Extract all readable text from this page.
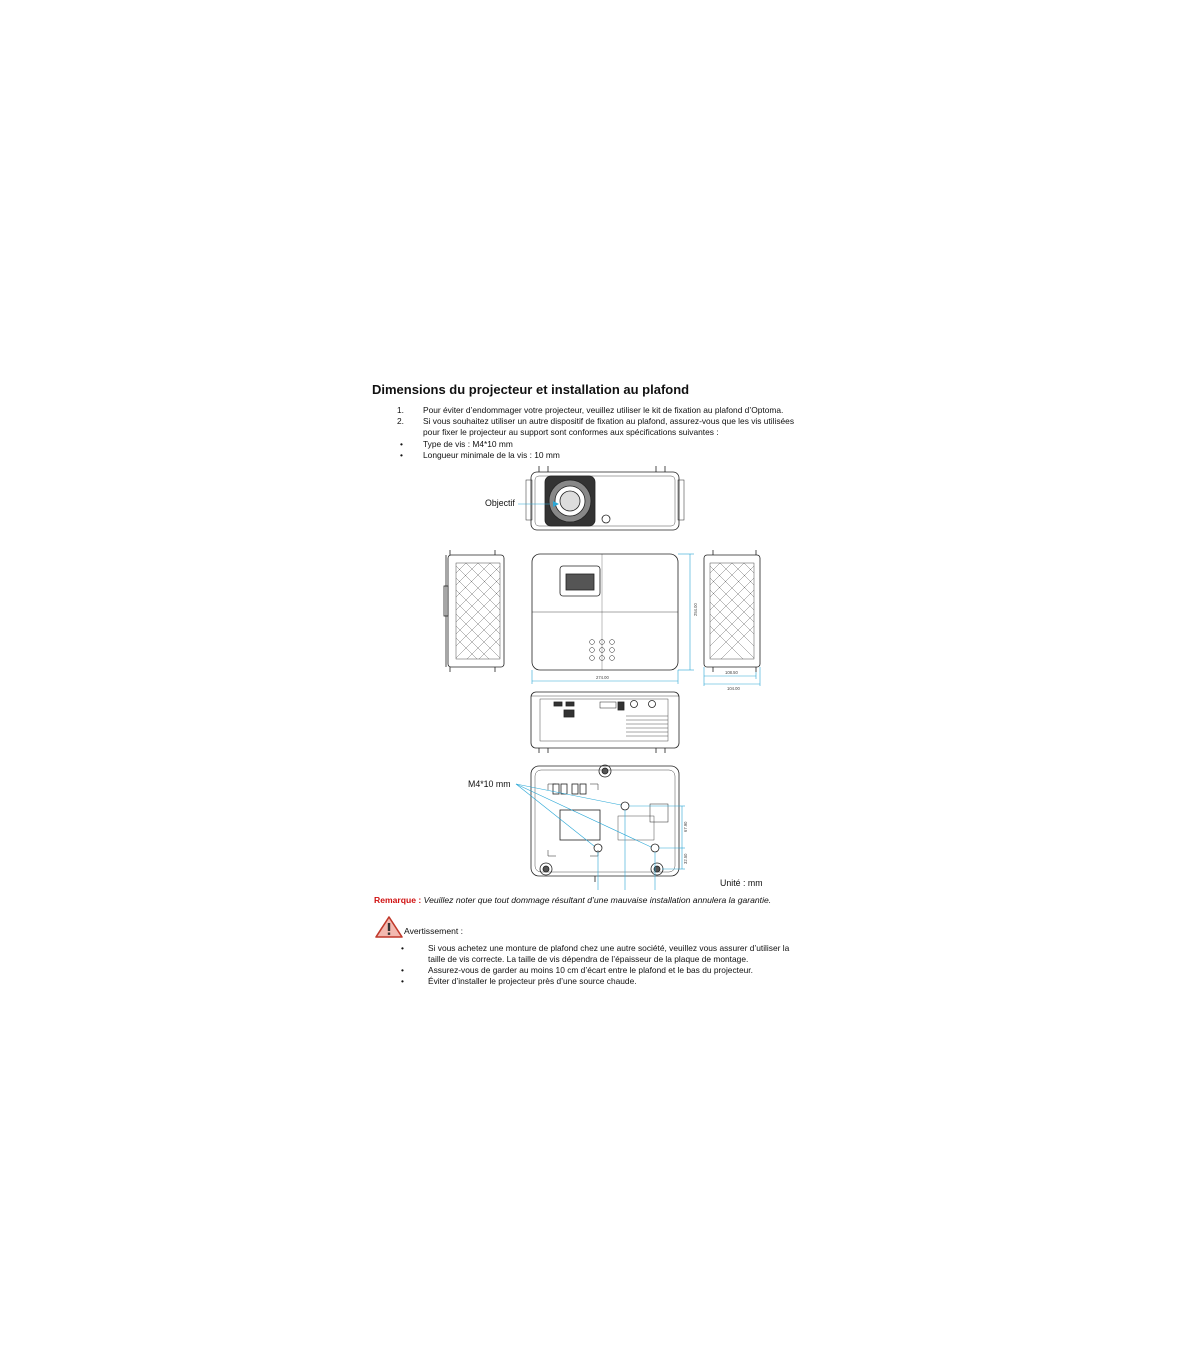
Dimensions du projecteur et installation au plafond
1. Pour éviter d’endommager votre projecteur, veuillez utiliser le kit de fixation au plafond d’Optoma.
2. Si vous souhaitez utiliser un autre dispositif de fixation au plafond, assurez-vous que les vis utilisées
pour fixer le projecteur au support sont conformes aux spécifications suivantes :
• Type de vis : M4*10 mm
• Longueur minimale de la vis : 10 mm
274.00
254.00
108.50
104.00
67.90
32.50
Objectif
M4*10 mm
Unité : mm
Remarque : Veuillez noter que tout dommage résultant d’une mauvaise installation annulera la garantie.
Avertissement :
•	Si vous achetez une monture de plafond chez une autre société, veuillez vous assurer d’utiliser la
taille de vis correcte. La taille de vis dépendra de l’épaisseur de la plaque de montage.
•	Assurez-vous de garder au moins 10 cm d’écart entre le plafond et le bas du projecteur.
•	Éviter d’installer le projecteur près d’une source chaude.
